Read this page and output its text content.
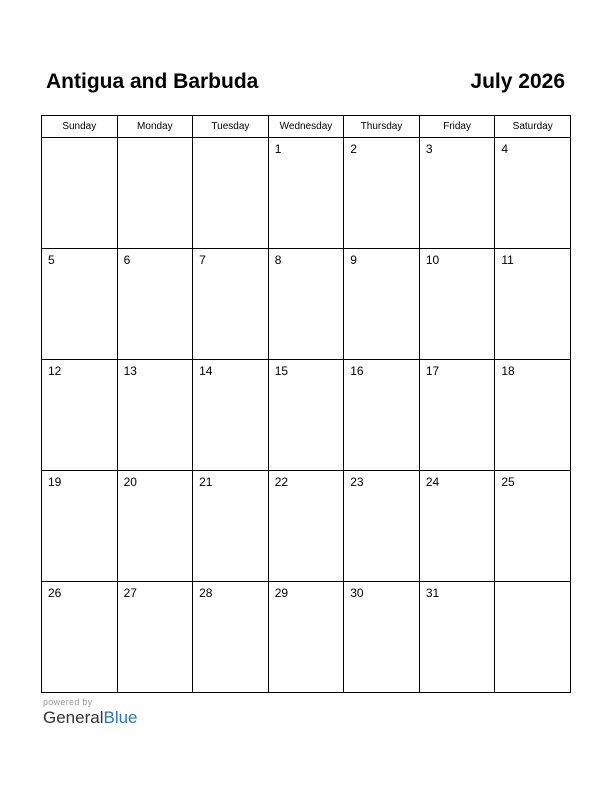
Antigua and Barbuda	July 2026
Sunday	Monday	Tuesday	Wednesday	Thursday	Friday	Saturday

			1	2	3	4

5	6	7	8	9	10	11

12	13	14	15	16	17	18

19	20	21	22	23	24	25

26	27	28	29	30	31	

powered by
GeneralBlue
